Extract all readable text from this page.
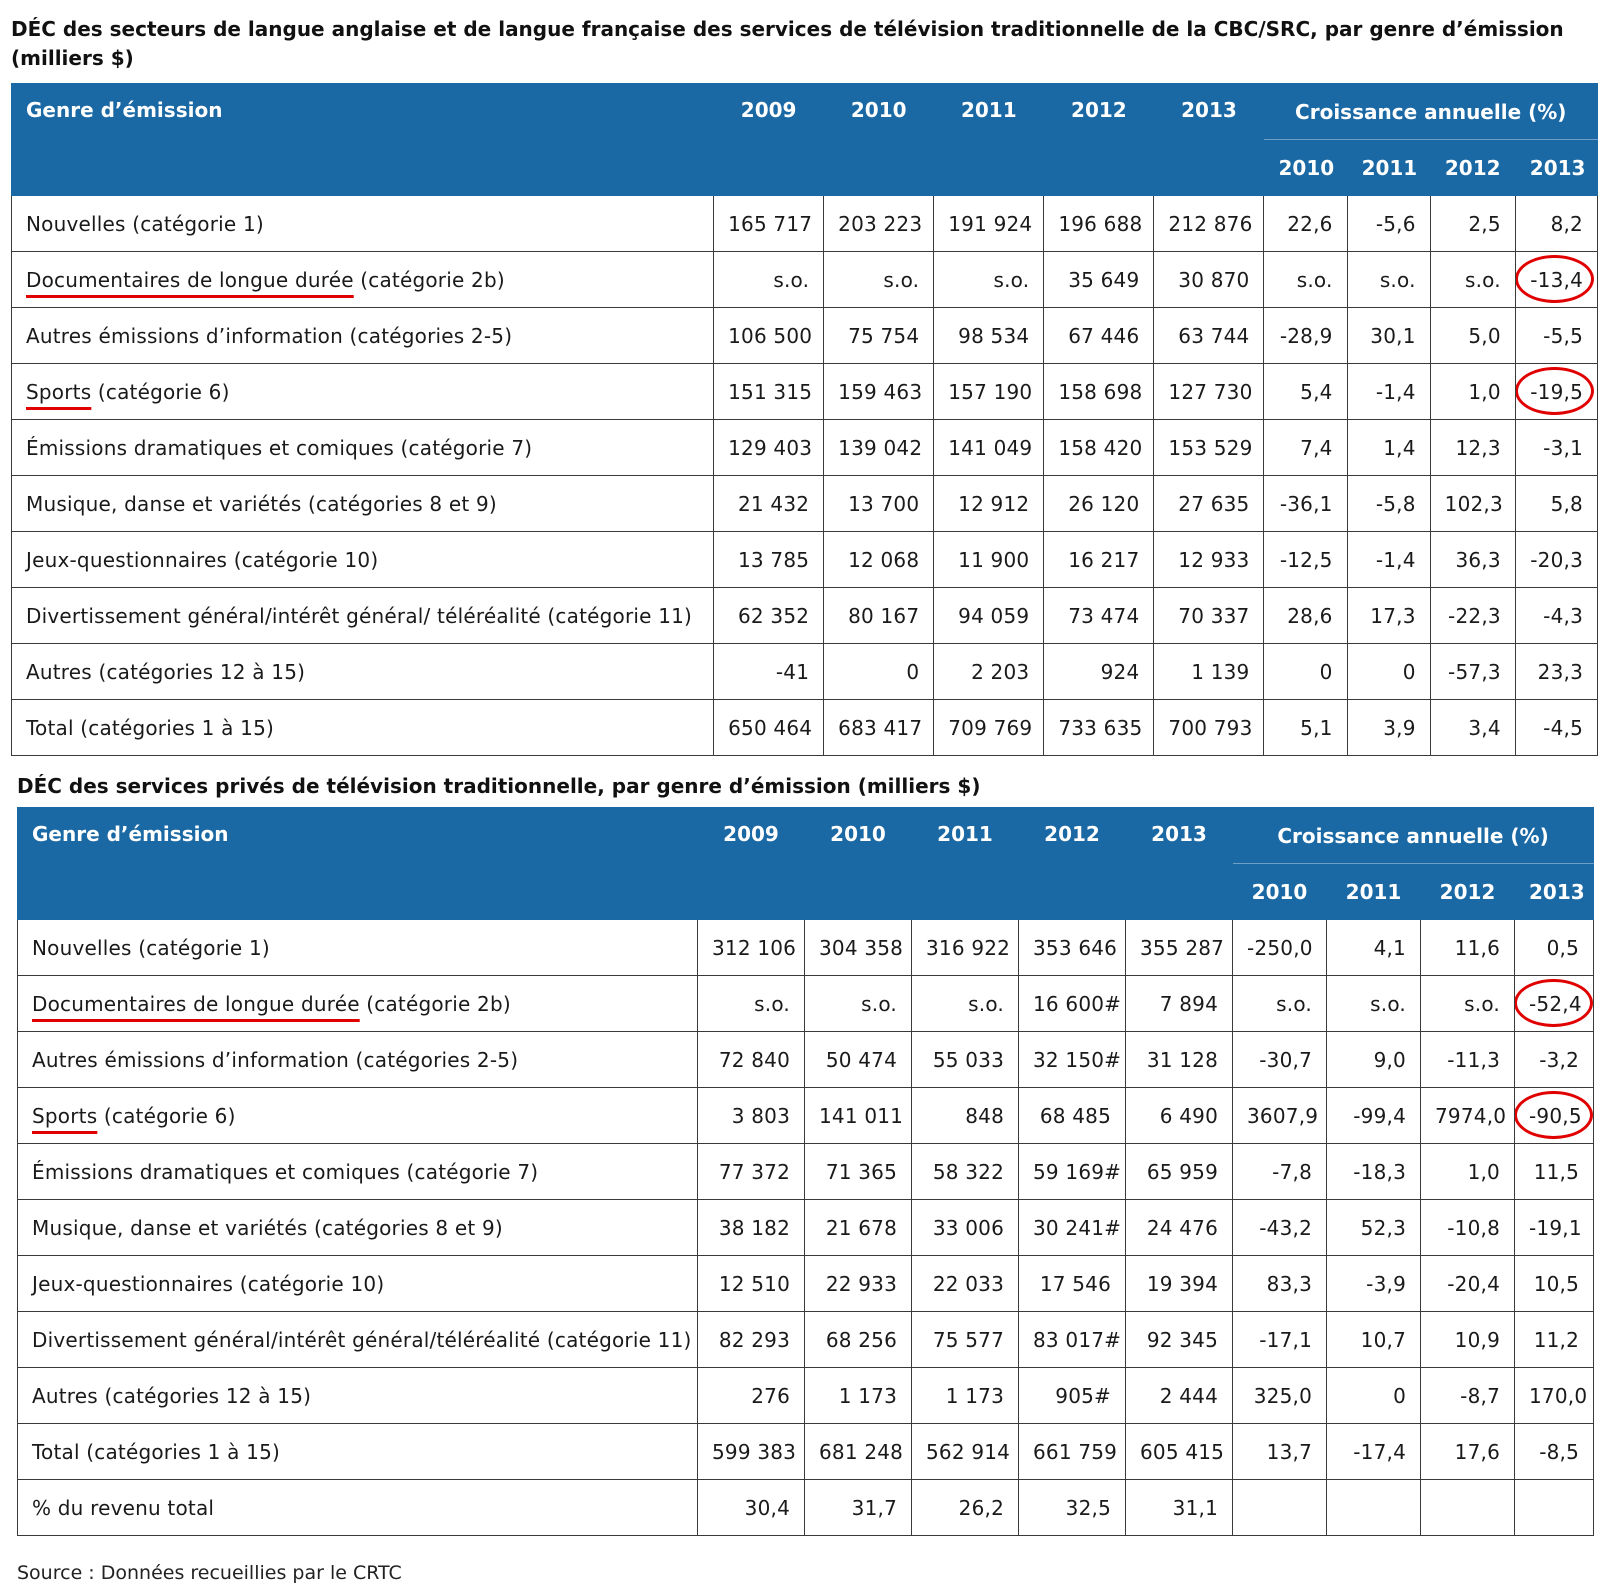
DÉC des secteurs de langue anglaise et de langue française des services de télévision traditionnelle de la CBC/SRC, par genre d’émission (milliers $)
Genre d’émission	2009	2010	2011	2012	2013	Croissance annuelle (%)			
						2010	2011	2012	2013
Nouvelles (catégorie 1)	165 717	203 223	191 924	196 688	212 876	22,6	-5,6	2,5	8,2
Documentaires de longue durée (catégorie 2b)	s.o.	s.o.	s.o.	35 649	30 870	s.o.	s.o.	s.o.	-13,4
Autres émissions d’information (catégories 2-5)	106 500	75 754	98 534	67 446	63 744	-28,9	30,1	5,0	-5,5
Sports (catégorie 6)	151 315	159 463	157 190	158 698	127 730	5,4	-1,4	1,0	-19,5
Émissions dramatiques et comiques (catégorie 7)	129 403	139 042	141 049	158 420	153 529	7,4	1,4	12,3	-3,1
Musique, danse et variétés (catégories 8 et 9)	21 432	13 700	12 912	26 120	27 635	-36,1	-5,8	102,3	5,8
Jeux-questionnaires (catégorie 10)	13 785	12 068	11 900	16 217	12 933	-12,5	-1,4	36,3	-20,3
Divertissement général/intérêt général/ téléréalité (catégorie 11)	62 352	80 167	94 059	73 474	70 337	28,6	17,3	-22,3	-4,3
Autres (catégories 12 à 15)	-41	0	2 203	924	1 139	0	0	-57,3	23,3
Total (catégories 1 à 15)	650 464	683 417	709 769	733 635	700 793	5,1	3,9	3,4	-4,5
DÉC des services privés de télévision traditionnelle, par genre d’émission (milliers $)
Genre d’émission	2009	2010	2011	2012	2013	Croissance annuelle (%)			
						2010	2011	2012	2013
Nouvelles (catégorie 1)	312 106	304 358	316 922	353 646	355 287	-250,0	4,1	11,6	0,5
Documentaires de longue durée (catégorie 2b)	s.o.	s.o.	s.o.	16 600#	7 894	s.o.	s.o.	s.o.	-52,4
Autres émissions d’information (catégories 2-5)	72 840	50 474	55 033	32 150#	31 128	-30,7	9,0	-11,3	-3,2
Sports (catégorie 6)	3 803	141 011	848	68 485	6 490	3607,9	-99,4	7974,0	-90,5
Émissions dramatiques et comiques (catégorie 7)	77 372	71 365	58 322	59 169#	65 959	-7,8	-18,3	1,0	11,5
Musique, danse et variétés (catégories 8 et 9)	38 182	21 678	33 006	30 241#	24 476	-43,2	52,3	-10,8	-19,1
Jeux-questionnaires (catégorie 10)	12 510	22 933	22 033	17 546	19 394	83,3	-3,9	-20,4	10,5
Divertissement général/intérêt général/téléréalité (catégorie 11)	82 293	68 256	75 577	83 017#	92 345	-17,1	10,7	10,9	11,2
Autres (catégories 12 à 15)	276	1 173	1 173	905#	2 444	325,0	0	-8,7	170,0
Total (catégories 1 à 15)	599 383	681 248	562 914	661 759	605 415	13,7	-17,4	17,6	-8,5
% du revenu total	30,4	31,7	26,2	32,5	31,1				
Source : Données recueillies par le CRTC
